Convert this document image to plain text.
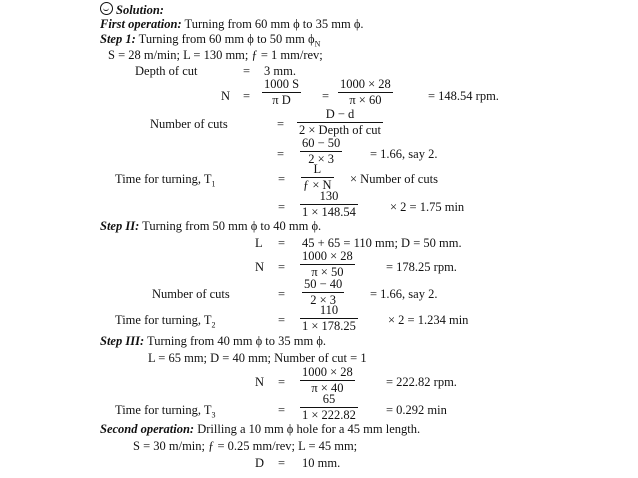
Solution:
First operation: Turning from 60 mm ϕ to 35 mm ϕ.
Step 1: Turning from 60 mm ϕ to 50 mm $\phi_N$
S = 28 m/min; L = 130 mm; ƒ = 1 mm/rev;
Depth of cut	= 3 mm.
$N = \frac{1000 S}{\text{π D}} = \frac{1000 \times 28}{\pi \times 60}$	= 148.54 rpm.
Number of cuts	=
D − d
2 × Depth of cut
= $\frac{60 - 50}{2 \times 3} = 1.66$, say 2.
Time for turning, $T_1$	= $\frac{L}{ƒ \times N}$ × Number of cuts
= $\frac{130}{1 \times 148.54}$	× 2 = 1.75 min
Step II: Turning from 50 mm ϕ to 40 mm ϕ.
L = 45 + 65 = 110 mm; D = 50 mm.
$N = \frac{1000 \times 28}{\pi \times 50} = 178.25$ rpm.
Number of cuts	= $\frac{50 - 40}{2 \times 3} = 1.66$, say 2.
Time for turning, $T_2$	= $\frac{110}{1 \times 178.25} \times 2 = 1.234$ min
Step III: Turning from 40 mm ϕ to 35 mm ϕ.
L = 65 mm; D = 40 mm; Number of cut = 1
$N = \frac{1000 \times 28}{\pi \times 40} = 222.82$ rpm.
Time for turning, $T_3$	= $\frac{65}{1 \times 222.82} = 0.292$ min
Second operation: Drilling a 10 mm ϕ hole for a 45 mm length.
S = 30 m/min; ƒ = 0.25 mm/rev; L = 45 mm;
D = 10 mm.
